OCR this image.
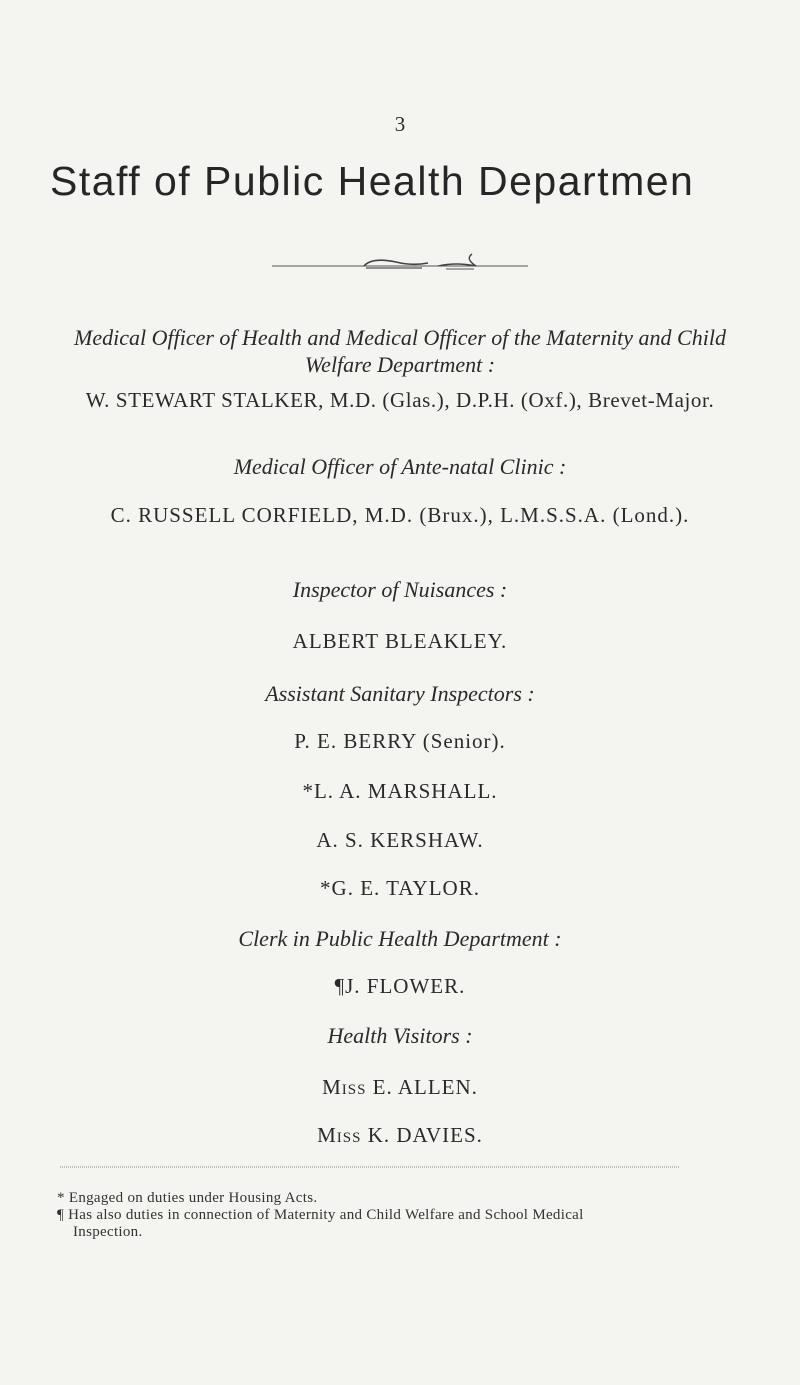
3
Staff of Public Health Departmen
Medical Officer of Health and Medical Officer of the Maternity and Child
Welfare Department :
W. STEWART STALKER, M.D. (Glas.), D.P.H. (Oxf.), Brevet-Major.
Medical Officer of Ante-natal Clinic :
C. RUSSELL CORFIELD, M.D. (Brux.), L.M.S.S.A. (Lond.).
Inspector of Nuisances :
ALBERT BLEAKLEY.
Assistant Sanitary Inspectors :
P. E. BERRY (Senior).
*L. A. MARSHALL.
A. S. KERSHAW.
*G. E. TAYLOR.
Clerk in Public Health Department :
¶J. FLOWER.
Health Visitors :
Miss E. ALLEN.
Miss K. DAVIES.
* Engaged on duties under Housing Acts.
¶ Has also duties in connection of Maternity and Child Welfare and School Medical
Inspection.
